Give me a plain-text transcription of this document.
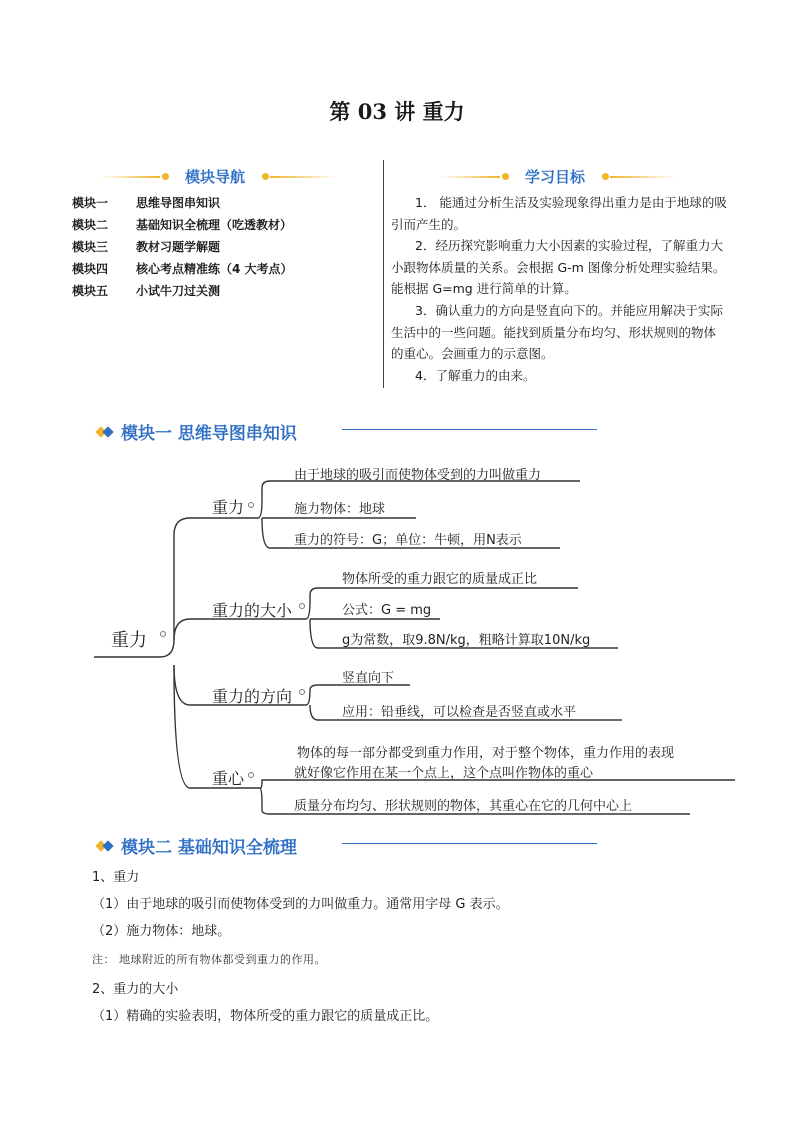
第 03 讲 重力
模块导航
模块一 思维导图串知识
模块二 基础知识全梳理（吃透教材）
模块三 教材习题学解题
模块四 核心考点精准练（4 大考点）
模块五 小试牛刀过关测
学习目标
1． 能通过分析生活及实验现象得出重力是由于地球的吸引而产生的。
2．经历探究影响重力大小因素的实验过程，了解重力大小跟物体质量的关系。会根据 G-m 图像分析处理实验结果。能根据 G=mg 进行简单的计算。
3．确认重力的方向是竖直向下的。并能应用解决于实际生活中的一些问题。能找到质量分布均匀、形状规则的物体的重心。会画重力的示意图。
4．了解重力的由来。
模块一 思维导图串知识
重力
重力
由于地球的吸引而使物体受到的力叫做重力
施力物体：地球
重力的符号：G；单位：牛顿，用N表示
重力的大小
物体所受的重力跟它的质量成正比
公式：G = mg
g为常数，取9.8N/kg，粗略计算取10N/kg
重力的方向
竖直向下
应用：铅垂线，可以检查是否竖直或水平
重心
物体的每一部分都受到重力作用，对于整个物体，重力作用的表现
就好像它作用在某一个点上，这个点叫作物体的重心
质量分布均匀、形状规则的物体，其重心在它的几何中心上
模块二 基础知识全梳理
1、重力
（1）由于地球的吸引而使物体受到的力叫做重力。通常用字母 G 表示。
（2）施力物体：地球。
注： 地球附近的所有物体都受到重力的作用。
2、重力的大小
（1）精确的实验表明，物体所受的重力跟它的质量成正比。
